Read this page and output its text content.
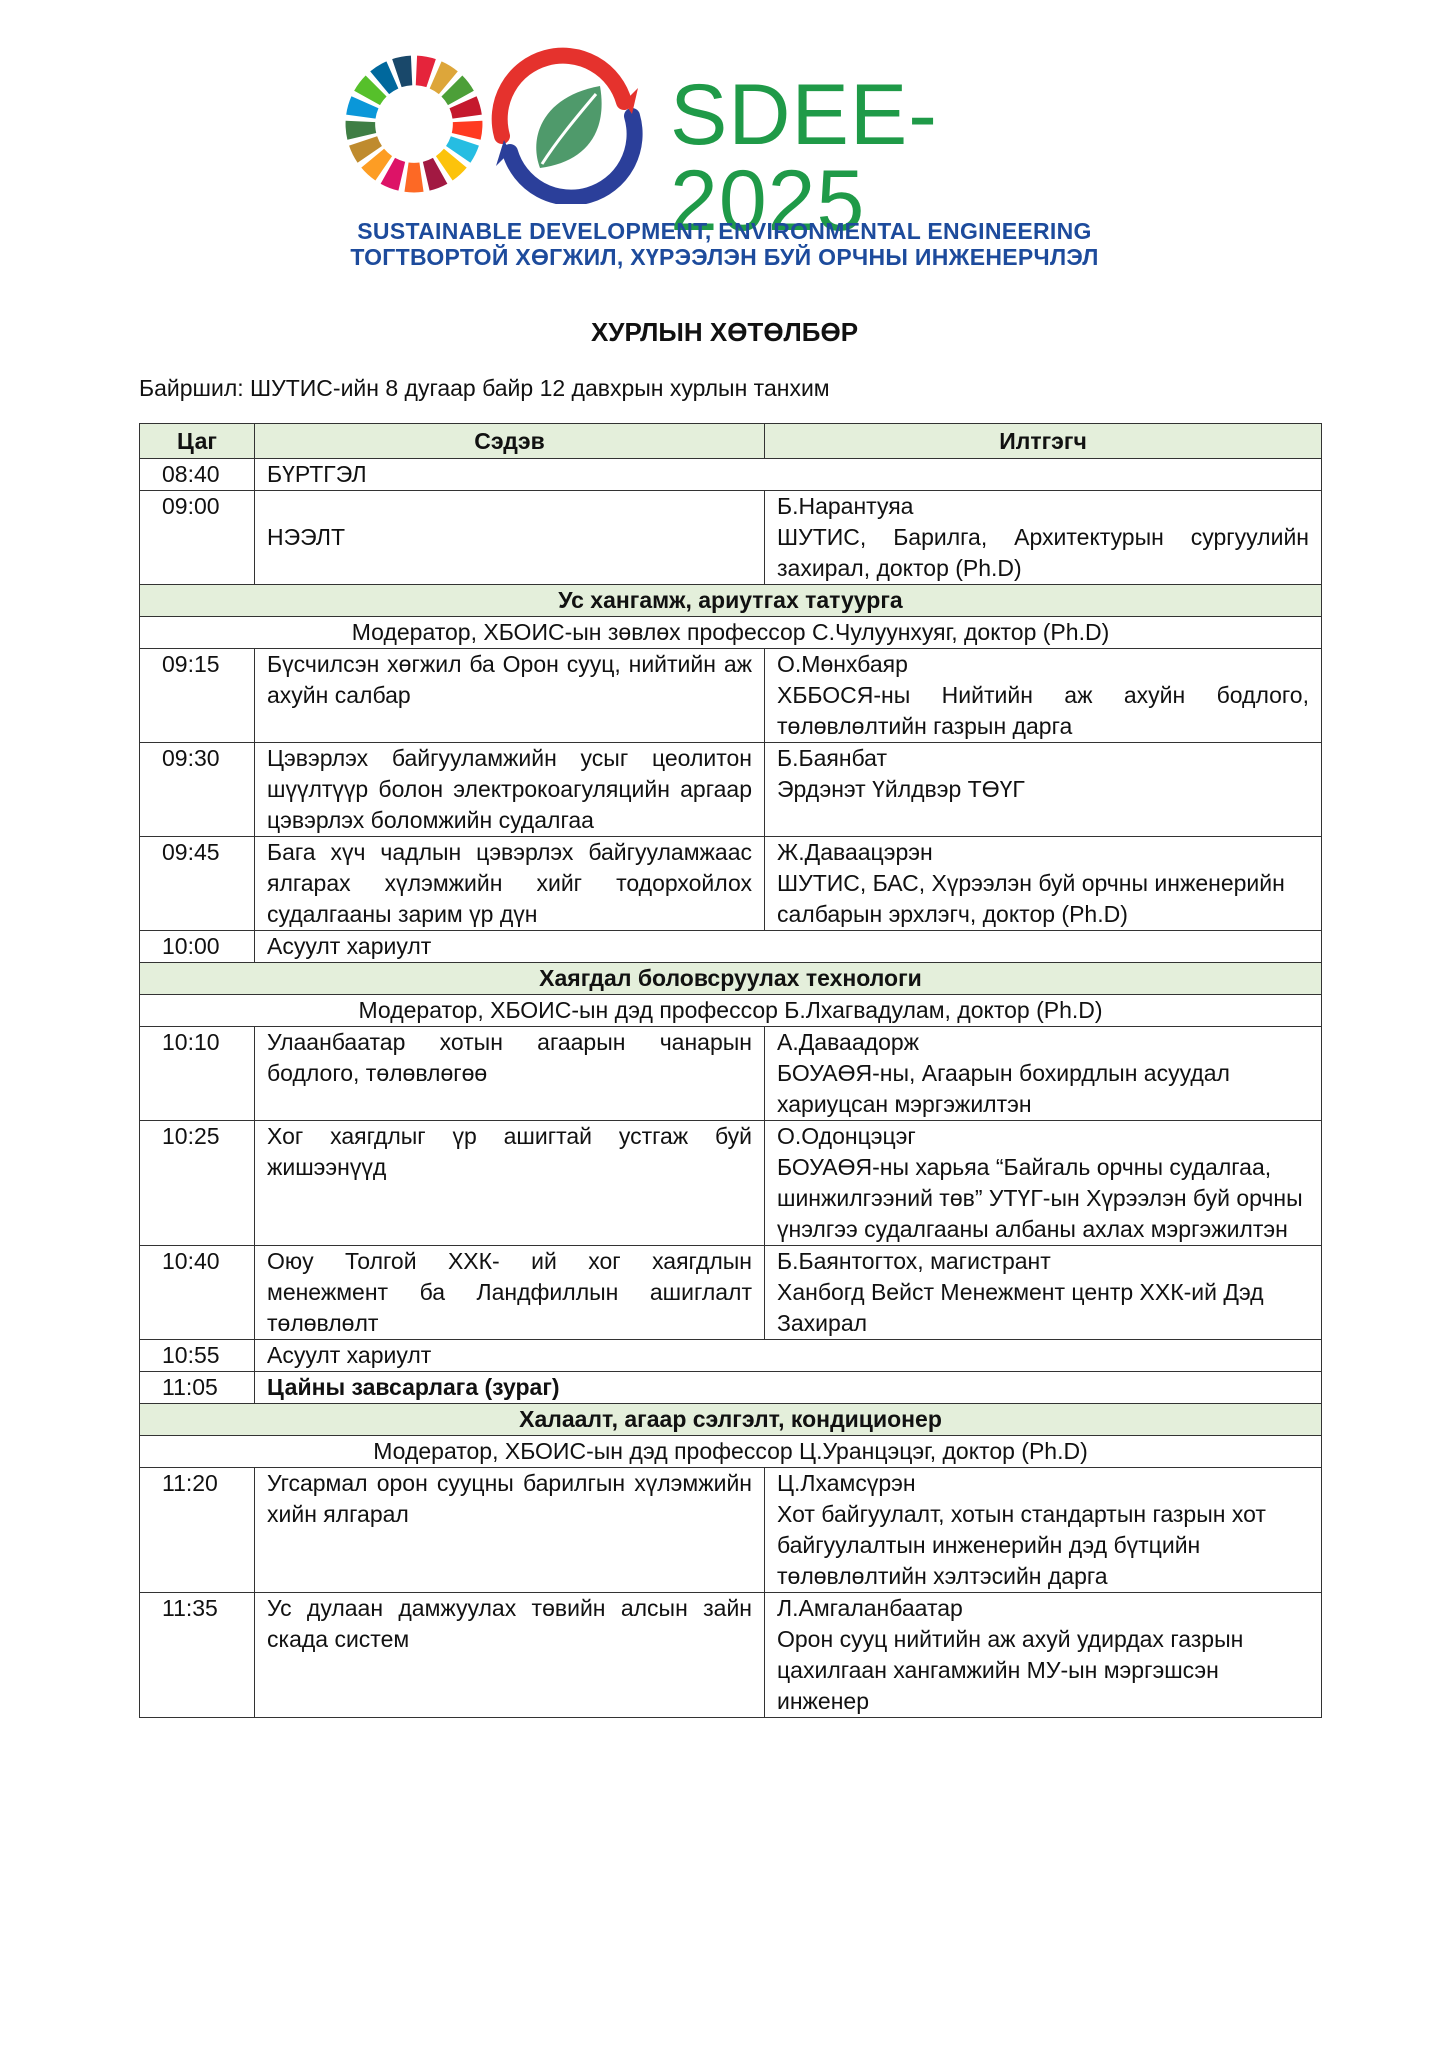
SDEE-2025
SUSTAINABLE DEVELOPMENT, ENVIRONMENTAL ENGINEERING
ТОГТВОРТОЙ ХӨГЖИЛ, ХҮРЭЭЛЭН БУЙ ОРЧНЫ ИНЖЕНЕРЧЛЭЛ
ХУРЛЫН ХӨТӨЛБӨР
Байршил: ШУТИС-ийн 8 дугаар байр 12 давхрын хурлын танхим
Цаг	Сэдэв	Илтгэгч
08:40	БҮРТГЭЛ	
09:00	НЭЭЛТ	Б.Нарантуяа
ШУТИС, Барилга, Архитектурын сургуулийн захирал, доктор (Ph.D)

Ус хангамж, ариутгах татуурга		
Модератор, ХБОИС-ын зөвлөх профессор С.Чулуунхуяг, доктор (Ph.D)		
09:15	Бүсчилсэн хөгжил ба Орон сууц, нийтийн аж ахуйн салбар	О.Мөнхбаяр
ХББОСЯ-ны Нийтийн аж ахуйн бодлого, төлөвлөлтийн газрын дарга

09:30	Цэвэрлэх байгууламжийн усыг цеолитон шүүлтүүр болон электрокоагуляцийн аргаар цэвэрлэх боломжийн судалгаа	Б.Баянбат
Эрдэнэт Үйлдвэр ТӨҮГ

09:45	Бага хүч чадлын цэвэрлэх байгууламжаас ялгарах хүлэмжийн хийг тодорхойлох судалгааны зарим үр дүн	Ж.Даваацэрэн
ШУТИС, БАС, Хүрээлэн буй орчны инженерийн салбарын эрхлэгч, доктор (Ph.D)

10:00	Асуулт хариулт	
Хаягдал боловсруулах технологи		
Модератор, ХБОИС-ын дэд профессор Б.Лхагвадулам, доктор (Ph.D)		
10:10	Улаанбаатар хотын агаарын чанарын бодлого, төлөвлөгөө	А.Даваадорж
БОУАӨЯ-ны, Агаарын бохирдлын асуудал хариуцсан мэргэжилтэн

10:25	Хог хаягдлыг үр ашигтай устгаж буй жишээнүүд	О.Одонцэцэг
БОУАӨЯ-ны харьяа “Байгаль орчны судалгаа, шинжилгээний төв” УТҮГ-ын Хүрээлэн буй орчны үнэлгээ судалгааны албаны ахлах мэргэжилтэн

10:40	Оюу Толгой ХХК- ий хог хаягдлын менежмент ба Ландфиллын ашиглалт төлөвлөлт	Б.Баянтогтох, магистрант
Ханбогд Вейст Менежмент центр ХХК-ий Дэд Захирал

10:55	Асуулт хариулт	
11:05	Цайны завсарлага (зураг)	
Халаалт, агаар сэлгэлт, кондиционер		
Модератор, ХБОИС-ын дэд профессор Ц.Уранцэцэг, доктор (Ph.D)		
11:20	Угсармал орон сууцны барилгын хүлэмжийн хийн ялгарал	Ц.Лхамсүрэн
Хот байгуулалт, хотын стандартын газрын хот байгуулалтын инженерийн дэд бүтцийн төлөвлөлтийн хэлтэсийн дарга

11:35	Ус дулаан дамжуулах төвийн алсын зайн скада систем	Л.Амгаланбаатар
Орон сууц нийтийн аж ахуй удирдах газрын цахилгаан хангамжийн МУ-ын мэргэшсэн инженер
